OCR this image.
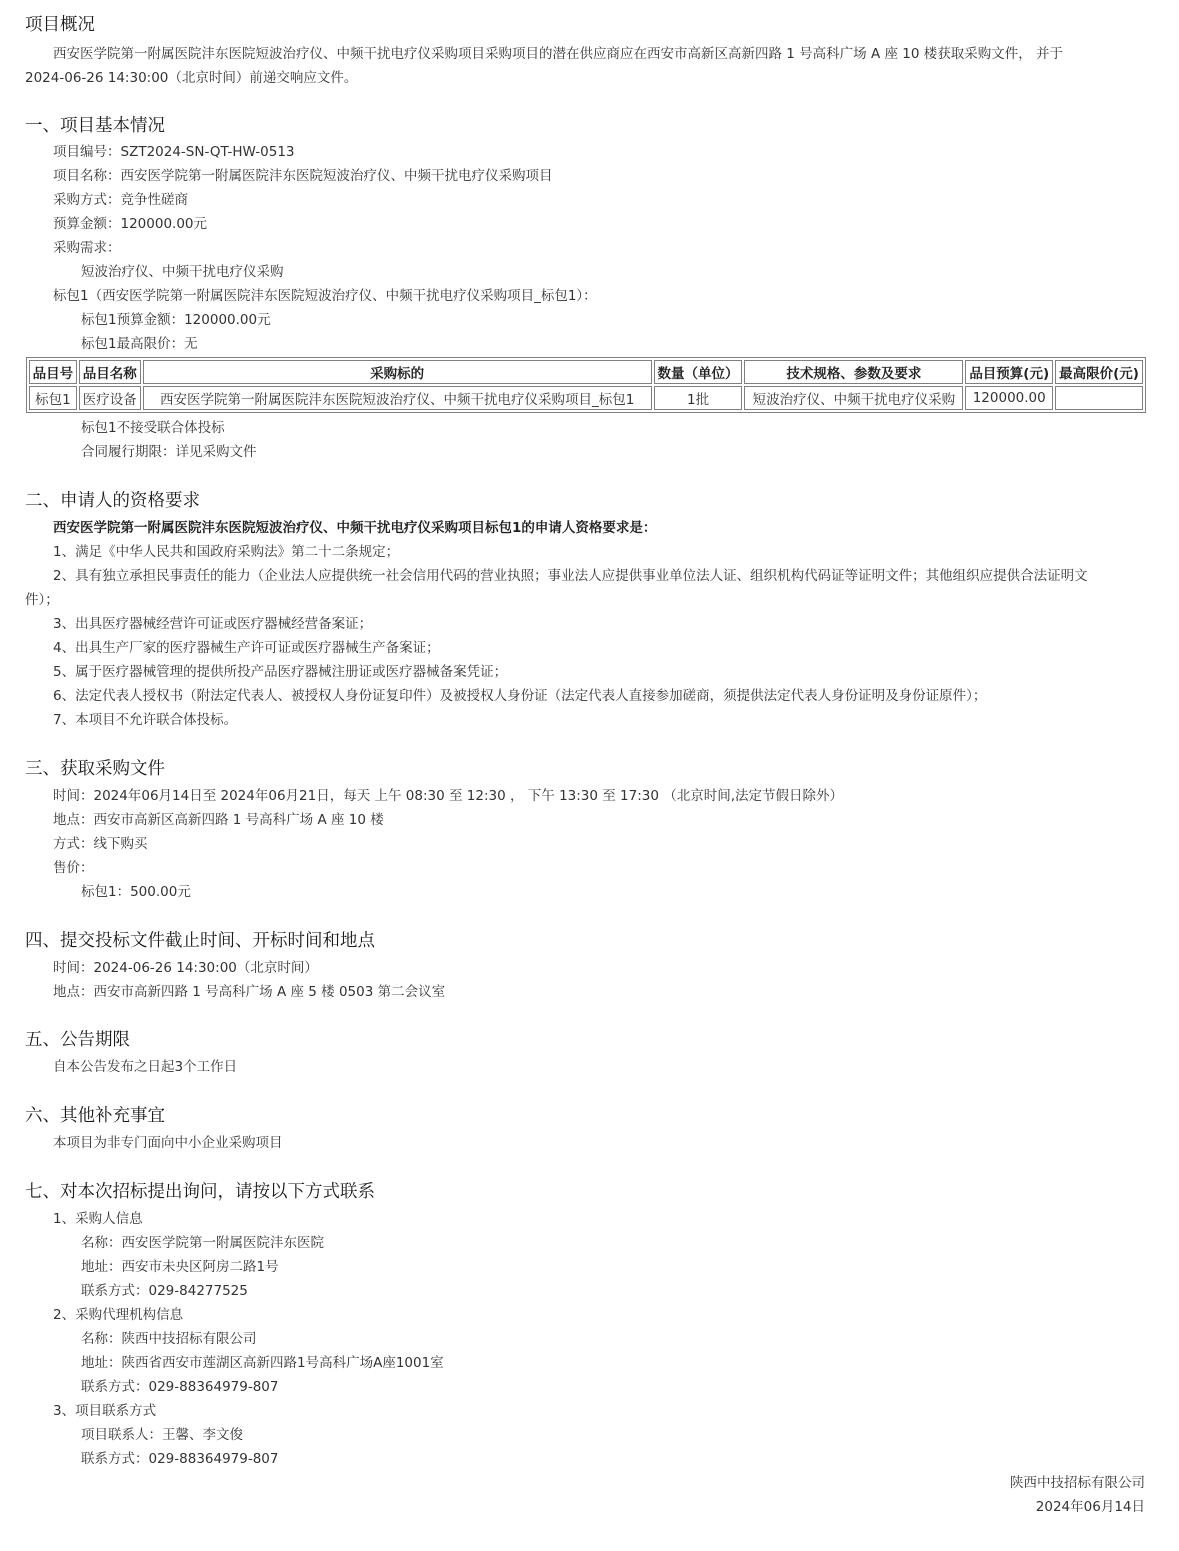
项目概况
西安医学院第一附属医院沣东医院短波治疗仪、中频干扰电疗仪采购项目采购项目的潜在供应商应在西安市高新区高新四路 1 号高科广场 A 座 10 楼获取采购文件， 并于
2024-06-26 14:30:00（北京时间）前递交响应文件。
一、项目基本情况
项目编号：SZT2024-SN-QT-HW-0513
项目名称：西安医学院第一附属医院沣东医院短波治疗仪、中频干扰电疗仪采购项目
采购方式：竞争性磋商
预算金额：120000.00元
采购需求：
短波治疗仪、中频干扰电疗仪采购
标包1（西安医学院第一附属医院沣东医院短波治疗仪、中频干扰电疗仪采购项目_标包1）：
标包1预算金额：120000.00元
标包1最高限价：无
品目号	品目名称	采购标的	数量（单位）	技术规格、参数及要求	品目预算(元)	最高限价(元)
标包1	医疗设备	西安医学院第一附属医院沣东医院短波治疗仪、中频干扰电疗仪采购项目_标包1	1批	短波治疗仪、中频干扰电疗仪采购	120000.00	
标包1不接受联合体投标
合同履行期限：详见采购文件
二、申请人的资格要求
西安医学院第一附属医院沣东医院短波治疗仪、中频干扰电疗仪采购项目标包1的申请人资格要求是：
1、满足《中华人民共和国政府采购法》第二十二条规定；
2、具有独立承担民事责任的能力（企业法人应提供统一社会信用代码的营业执照；事业法人应提供事业单位法人证、组织机构代码证等证明文件；其他组织应提供合法证明文
件）；
3、出具医疗器械经营许可证或医疗器械经营备案证；
4、出具生产厂家的医疗器械生产许可证或医疗器械生产备案证；
5、属于医疗器械管理的提供所投产品医疗器械注册证或医疗器械备案凭证；
6、法定代表人授权书（附法定代表人、被授权人身份证复印件）及被授权人身份证（法定代表人直接参加磋商，须提供法定代表人身份证明及身份证原件）；
7、本项目不允许联合体投标。
三、获取采购文件
时间：2024年06月14日至 2024年06月21日，每天 上午 08:30 至 12:30 ， 下午 13:30 至 17:30 （北京时间,法定节假日除外）
地点：西安市高新区高新四路 1 号高科广场 A 座 10 楼
方式：线下购买
售价：
标包1：500.00元
四、提交投标文件截止时间、开标时间和地点
时间：2024-06-26 14:30:00（北京时间）
地点：西安市高新四路 1 号高科广场 A 座 5 楼 0503 第二会议室
五、公告期限
自本公告发布之日起3个工作日
六、其他补充事宜
本项目为非专门面向中小企业采购项目
七、对本次招标提出询问，请按以下方式联系
1、采购人信息
名称：西安医学院第一附属医院沣东医院
地址：西安市未央区阿房二路1号
联系方式：029-84277525
2、采购代理机构信息
名称：陕西中技招标有限公司
地址：陕西省西安市莲湖区高新四路1号高科广场A座1001室
联系方式：029-88364979-807
3、项目联系方式
项目联系人：王馨、李文俊
联系方式：029-88364979-807
陕西中技招标有限公司
2024年06月14日
